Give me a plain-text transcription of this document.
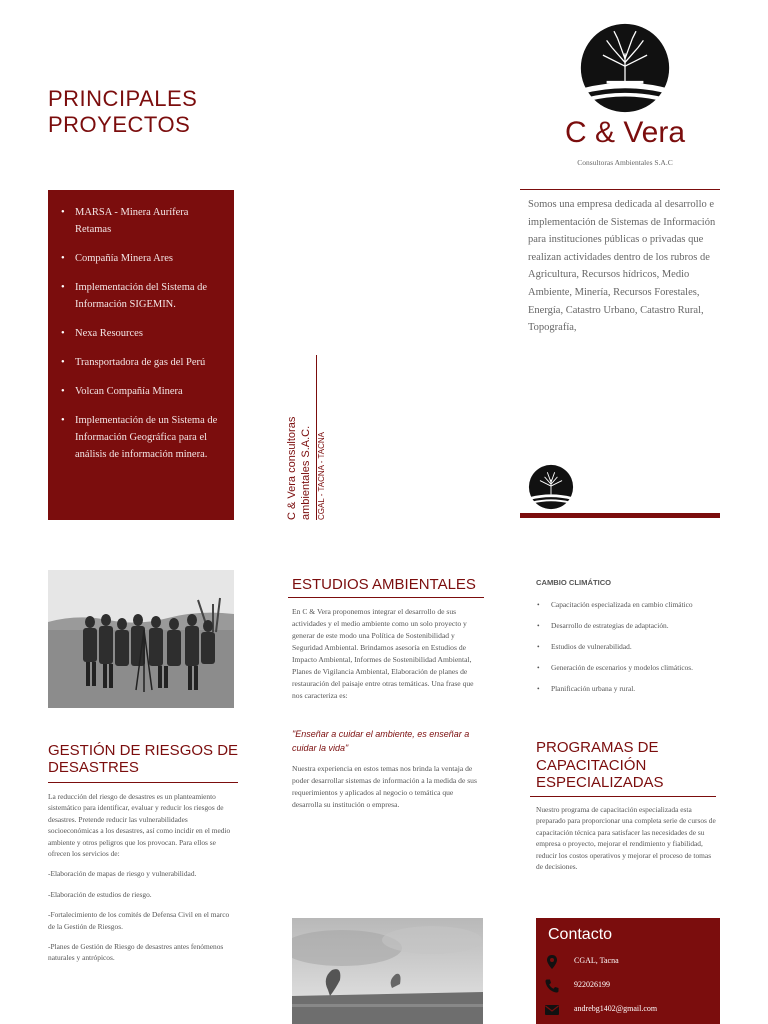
PRINCIPALES PROYECTOS
• MARSA - Minera Aurífera Retamas
• Compañía Minera Ares
• Implementación del Sistema de Información SIGEMIN.
• Nexa Resources
• Transportadora de gas del Perú
• Volcan Compañía Minera
• Implementación de un Sistema de Información Geográfica para el análisis de información minera.	C & Vera consultoras ambientales S.A.C. CGAL - TACNA - TACNA
C & Vera
Consultoras Ambientales S.A.C

Somos una empresa dedicada al desarrollo e implementación de Sistemas de Información para instituciones públicas o privadas que realizan actividades dentro de los rubros de Agricultura, Recursos hídricos, Medio Ambiente, Minería, Recursos Forestales, Energía, Catastro Urbano, Catastro Rural, Topografía,

ESTUDIOS AMBIENTALES

En C & Vera proponemos integrar el desarrollo de sus actividades y el medio ambiente como un solo proyecto y generar de este modo una Política de Sostenibilidad y Seguridad Ambiental. Brindamos asesoría en Estudios de Impacto Ambiental, Informes de Sostenibilidad Ambiental, Planes de Vigilancia Ambiental, Elaboración de planes de restauración del paisaje entre otras temáticas. Una frase que nos caracteriza es:

"Enseñar a cuidar el ambiente, es enseñar a cuidar la vida"

Nuestra experiencia en estos temas nos brinda la ventaja de poder desarrollar sistemas de información a la medida de sus requerimientos y aplicados al negocio o temática que desarrolla su institución o empresa.

GESTIÓN DE RIESGOS DE DESASTRES

La reducción del riesgo de desastres es un planteamiento sistemático para identificar, evaluar y reducir los riesgos de desastres. Pretende reducir las vulnerabilidades socioeconómicas a los desastres, así como incidir en el medio ambiente y otros peligros que los provocan. Para ellos se ofrecen los servicios de:

-Elaboración de mapas de riesgo y vulnerabilidad.

-Elaboración de estudios de riesgo.

-Fortalecimiento de los comités de Defensa Civil en el marco de la Gestión de Riesgos.

-Planes de Gestión de Riesgo de desastres antes fenómenos naturales y antrópicos.

CAMBIO CLIMÁTICO
• Capacitación especializada en cambio climático
• Desarrollo de estrategias de adaptación.
• Estudios de vulnerabilidad.
• Generación de escenarios y modelos climáticos.
• Planificación urbana y rural.
PROGRAMAS DE CAPACITACIÓN ESPECIALIZADAS

Nuestro programa de capacitación especializada esta preparado para proporcionar una completa serie de cursos de capacitación técnica para satisfacer las necesidades de su empresa o proyecto, mejorar el rendimiento y fiabilidad, reducir los costos operativos y mejorar el proceso de tomas de decisiones.

Contacto
CGAL, Tacna
922026199
andrebg1402@gmail.com
